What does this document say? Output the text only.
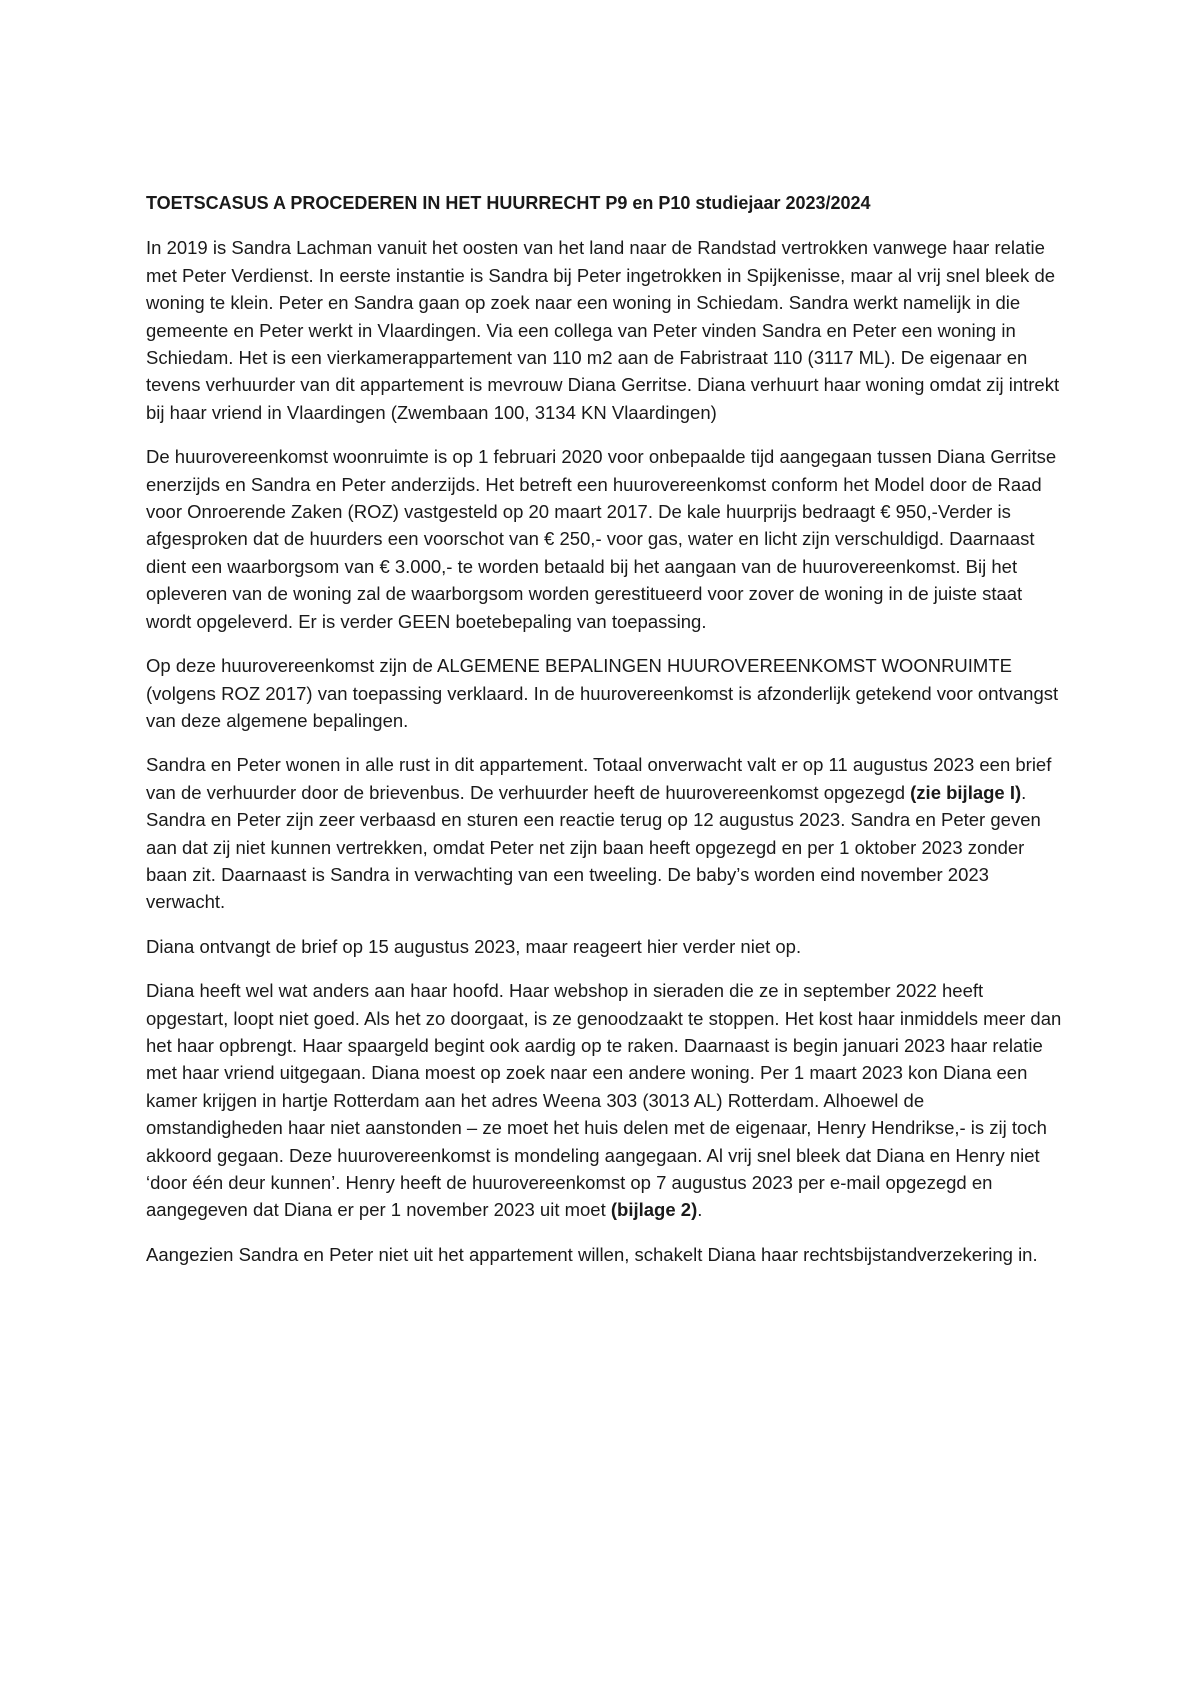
TOETSCASUS A PROCEDEREN IN HET HUURRECHT P9 en P10 studiejaar 2023/2024

In 2019 is Sandra Lachman vanuit het oosten van het land naar de Randstad vertrokken vanwege haar relatie met Peter Verdienst. In eerste instantie is Sandra bij Peter ingetrokken in Spijkenisse, maar al vrij snel bleek de woning te klein. Peter en Sandra gaan op zoek naar een woning in Schiedam. Sandra werkt namelijk in die gemeente en Peter werkt in Vlaardingen. Via een collega van Peter vinden Sandra en Peter een woning in Schiedam. Het is een vierkamerappartement van 110 m2 aan de Fabristraat 110 (3117 ML). De eigenaar en tevens verhuurder van dit appartement is mevrouw Diana Gerritse. Diana verhuurt haar woning omdat zij intrekt bij haar vriend in Vlaardingen (Zwembaan 100, 3134 KN Vlaardingen)

De huurovereenkomst woonruimte is op 1 februari 2020 voor onbepaalde tijd aangegaan tussen Diana Gerritse enerzijds en Sandra en Peter anderzijds. Het betreft een huurovereenkomst conform het Model door de Raad voor Onroerende Zaken (ROZ) vastgesteld op 20 maart 2017. De kale huurprijs bedraagt € 950,-Verder is afgesproken dat de huurders een voorschot van € 250,- voor gas, water en licht zijn verschuldigd. Daarnaast dient een waarborgsom van € 3.000,- te worden betaald bij het aangaan van de huurovereenkomst. Bij het opleveren van de woning zal de waarborgsom worden gerestitueerd voor zover de woning in de juiste staat wordt opgeleverd. Er is verder GEEN boetebepaling van toepassing.

Op deze huurovereenkomst zijn de ALGEMENE BEPALINGEN HUUROVEREENKOMST WOONRUIMTE (volgens ROZ 2017) van toepassing verklaard. In de huurovereenkomst is afzonderlijk getekend voor ontvangst van deze algemene bepalingen.

Sandra en Peter wonen in alle rust in dit appartement. Totaal onverwacht valt er op 11 augustus 2023 een brief van de verhuurder door de brievenbus. De verhuurder heeft de huurovereenkomst opgezegd (zie bijlage I). Sandra en Peter zijn zeer verbaasd en sturen een reactie terug op 12 augustus 2023. Sandra en Peter geven aan dat zij niet kunnen vertrekken, omdat Peter net zijn baan heeft opgezegd en per 1 oktober 2023 zonder baan zit. Daarnaast is Sandra in verwachting van een tweeling. De baby’s worden eind november 2023 verwacht.

Diana ontvangt de brief op 15 augustus 2023, maar reageert hier verder niet op.

Diana heeft wel wat anders aan haar hoofd. Haar webshop in sieraden die ze in september 2022 heeft opgestart, loopt niet goed. Als het zo doorgaat, is ze genoodzaakt te stoppen. Het kost haar inmiddels meer dan het haar opbrengt. Haar spaargeld begint ook aardig op te raken. Daarnaast is begin januari 2023 haar relatie met haar vriend uitgegaan. Diana moest op zoek naar een andere woning. Per 1 maart 2023 kon Diana een kamer krijgen in hartje Rotterdam aan het adres Weena 303 (3013 AL) Rotterdam. Alhoewel de omstandigheden haar niet aanstonden – ze moet het huis delen met de eigenaar, Henry Hendrikse,- is zij toch akkoord gegaan. Deze huurovereenkomst is mondeling aangegaan. Al vrij snel bleek dat Diana en Henry niet ‘door één deur kunnen’. Henry heeft de huurovereenkomst op 7 augustus 2023 per e-mail opgezegd en aangegeven dat Diana er per 1 november 2023 uit moet (bijlage 2).

Aangezien Sandra en Peter niet uit het appartement willen, schakelt Diana haar rechtsbijstandverzekering in.
